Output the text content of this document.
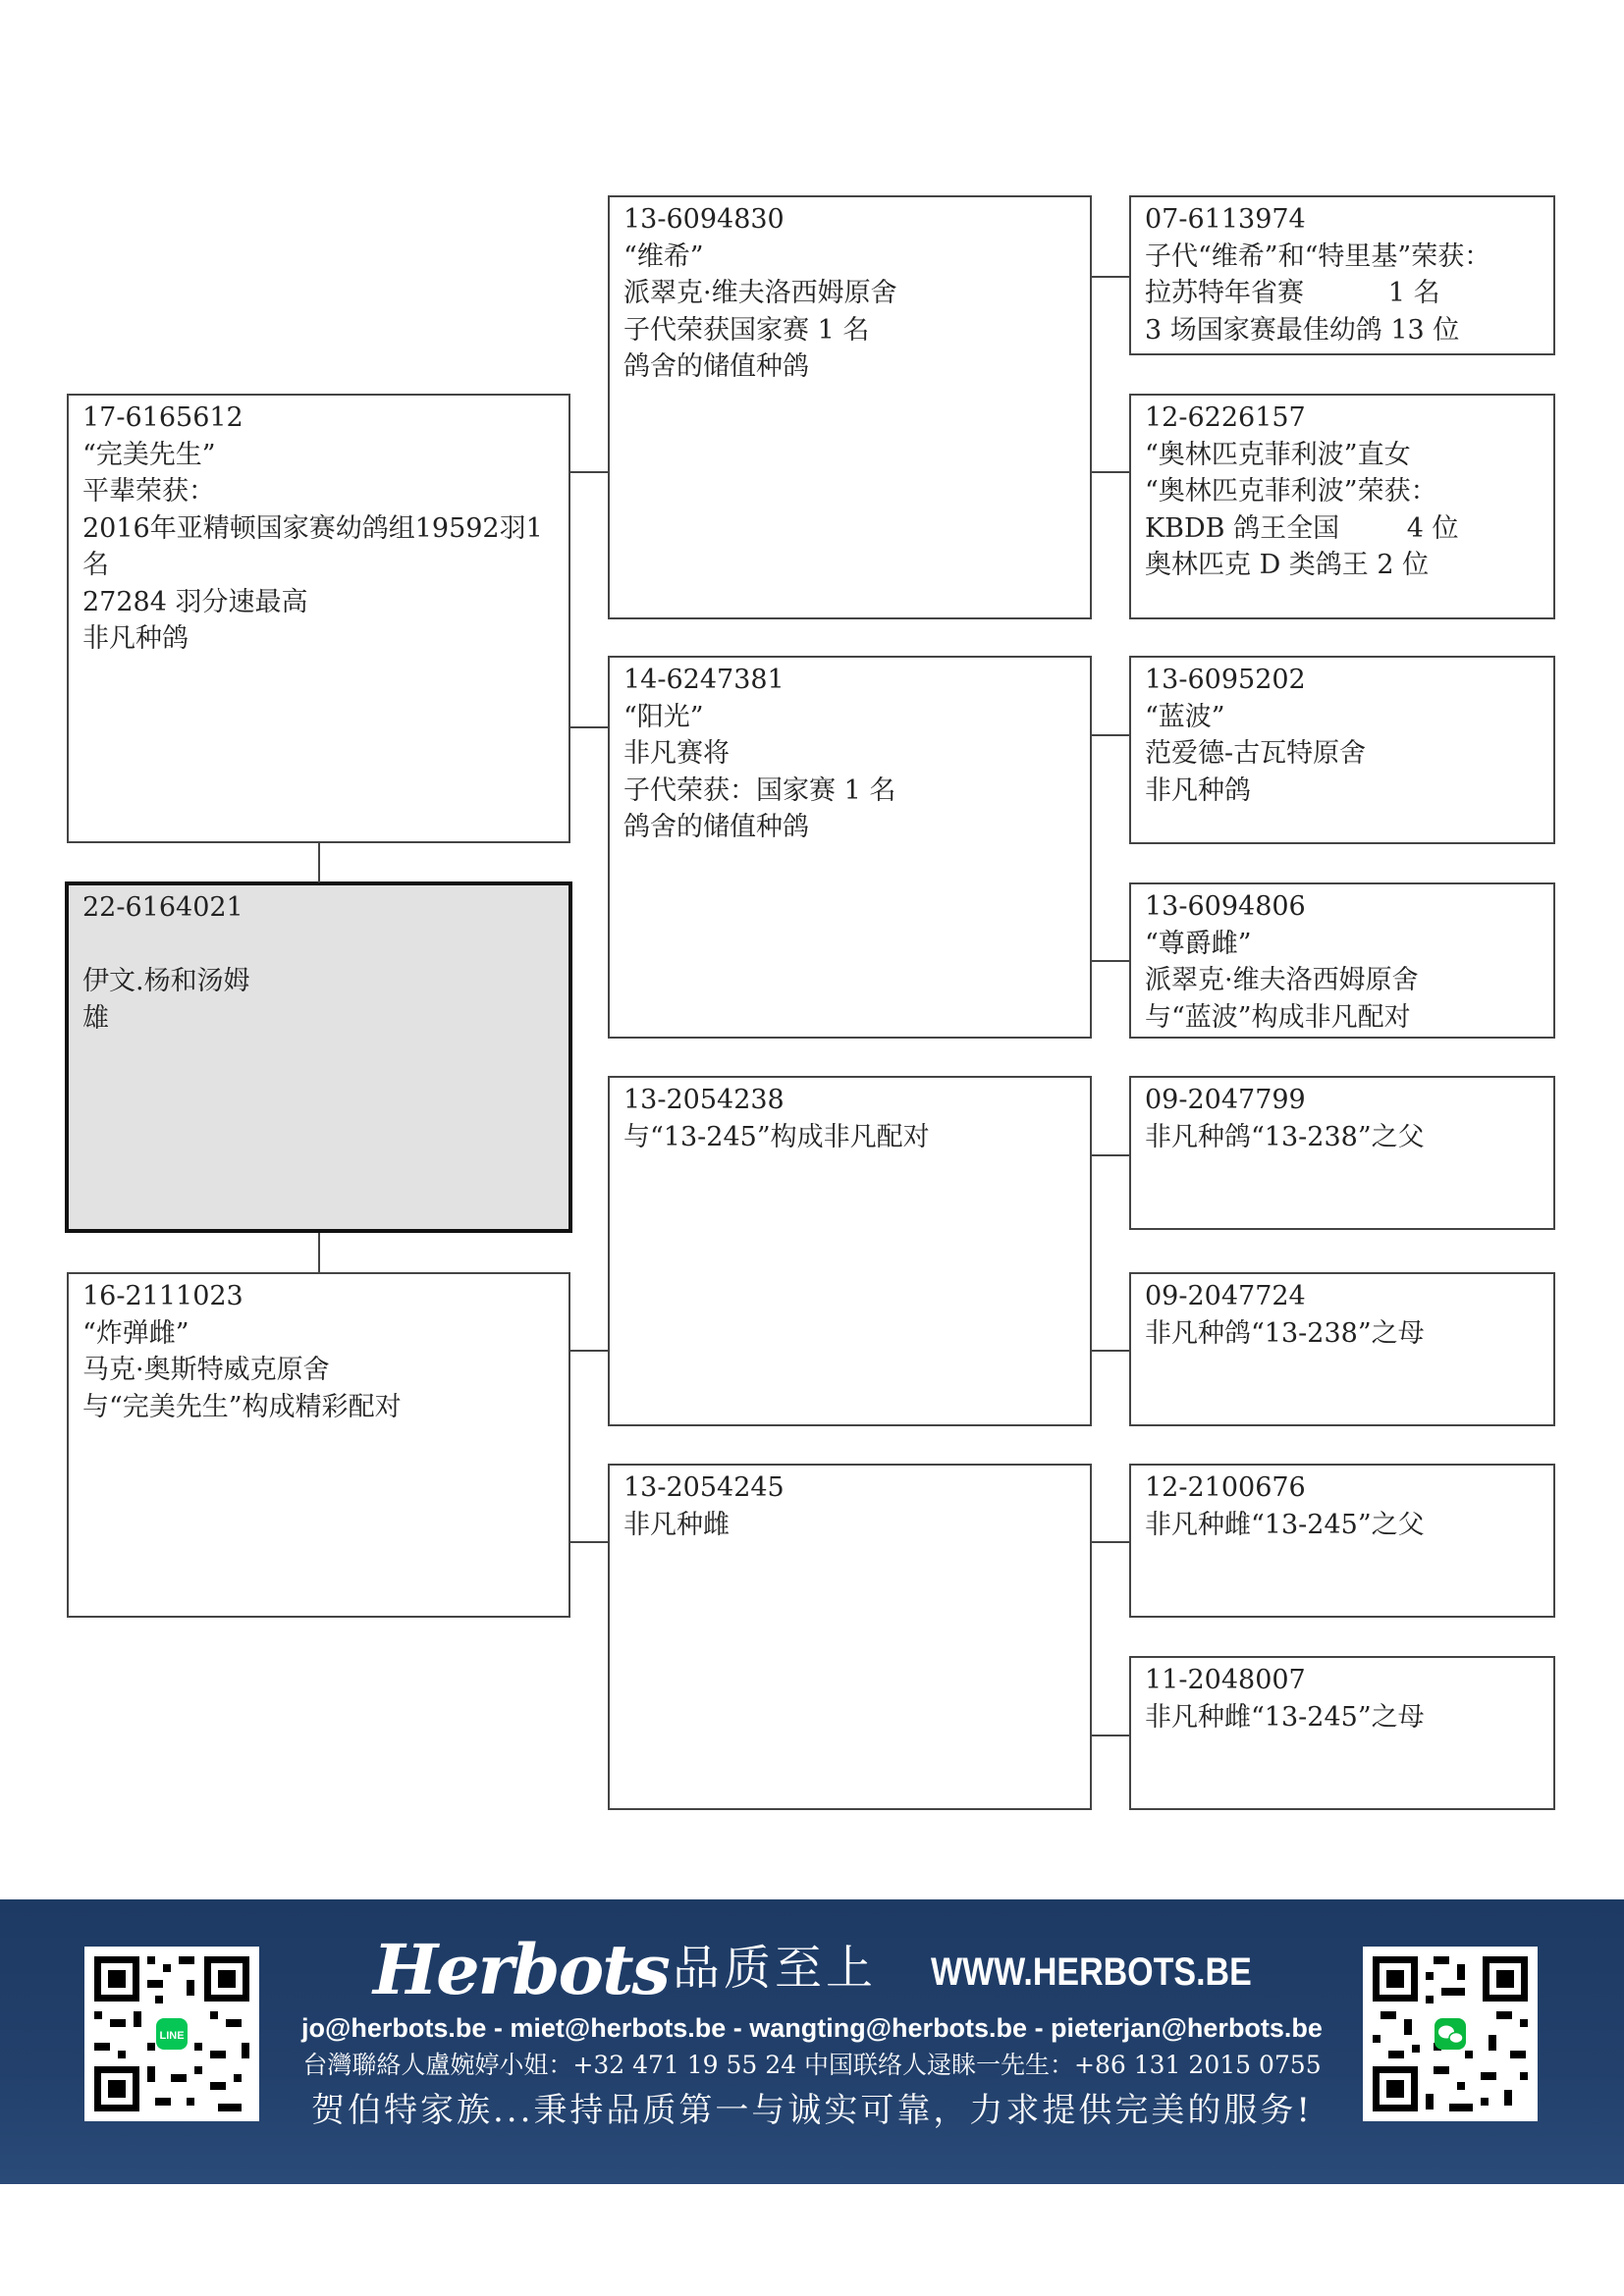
17-6165612
“完美先生”
平辈荣获：
2016年亚精顿国家赛幼鸽组19592羽1
名
27284 羽分速最高
非凡种鸽
22-6164021
伊文.杨和汤姆
雄
16-2111023
“炸弹雌”
马克·奥斯特威克原舍
与“完美先生”构成精彩配对
13-6094830
“维希”
派翠克·维夫洛西姆原舍
子代荣获国家赛 1 名
鸽舍的储值种鸽
14-6247381
“阳光”
非凡赛将
子代荣获：国家赛 1 名
鸽舍的储值种鸽
13-2054238
与“13-245”构成非凡配对
13-2054245
非凡种雌
07-6113974
子代“维希”和“特里基”荣获：
拉苏特年省赛          1 名
3 场国家赛最佳幼鸽 13 位
12-6226157
“奥林匹克菲利波”直女
“奥林匹克菲利波”荣获：
KBDB 鸽王全国        4 位
奥林匹克 D 类鸽王 2 位
13-6095202
“蓝波”
范爱德-古瓦特原舍
非凡种鸽
13-6094806
“尊爵雌”
派翠克·维夫洛西姆原舍
与“蓝波”构成非凡配对
09-2047799
非凡种鸽“13-238”之父
09-2047724
非凡种鸽“13-238”之母
12-2100676
非凡种雌“13-245”之父
11-2048007
非凡种雌“13-245”之母
LINE
Herbots 品质至上 WWW.HERBOTS.BE
jo@herbots.be - miet@herbots.be - wangting@herbots.be - pieterjan@herbots.be
台灣聯絡人盧婉婷小姐：+32 471 19 55 24 中国联络人逯睐一先生：+86 131 2015 0755
贺伯特家族...秉持品质第一与诚实可靠，力求提供完美的服务!
